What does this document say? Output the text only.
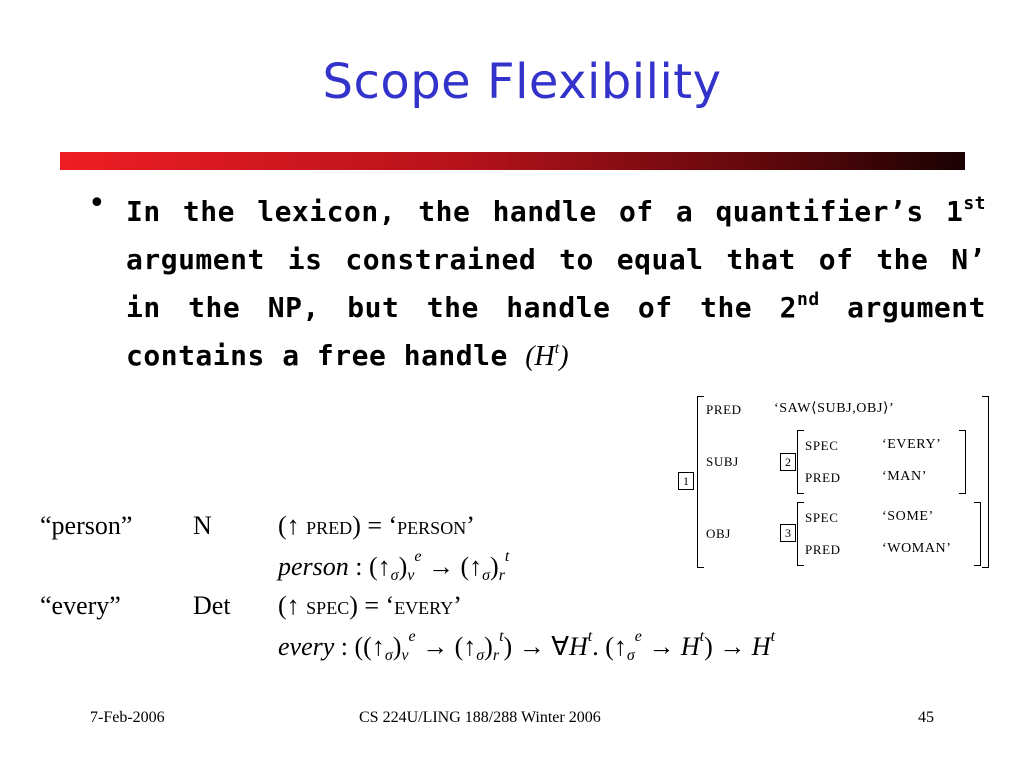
Scope Flexibility
• In the lexicon, the handle of a quantifier’s 1st argument is constrained to equal that of the N’ in the NP, but the handle of the 2nd argument contains a free handle $(H^t)$
1
PRED ‘SAW⟨SUBJ,OBJ⟩’
SUBJ	2
SPEC	‘EVERY’
PRED	‘MAN’
OBJ	3
SPEC	‘SOME’
PRED	‘WOMAN’
“person” N	(↑ pred) = ‘person’
person : $(↑_\sigma)_v^e$ → $(↑_\sigma)_r^t$
“every”	Det (↑ spec) = ‘every’
every : ($(↑_\sigma)_v^e$ → $(↑_\sigma)_r^t$) → $\forall H^t$. $(↑_\sigma^e \to H^t) \to H^t$
7-Feb-2006	CS 224U/LING 188/288 Winter 2006	45
